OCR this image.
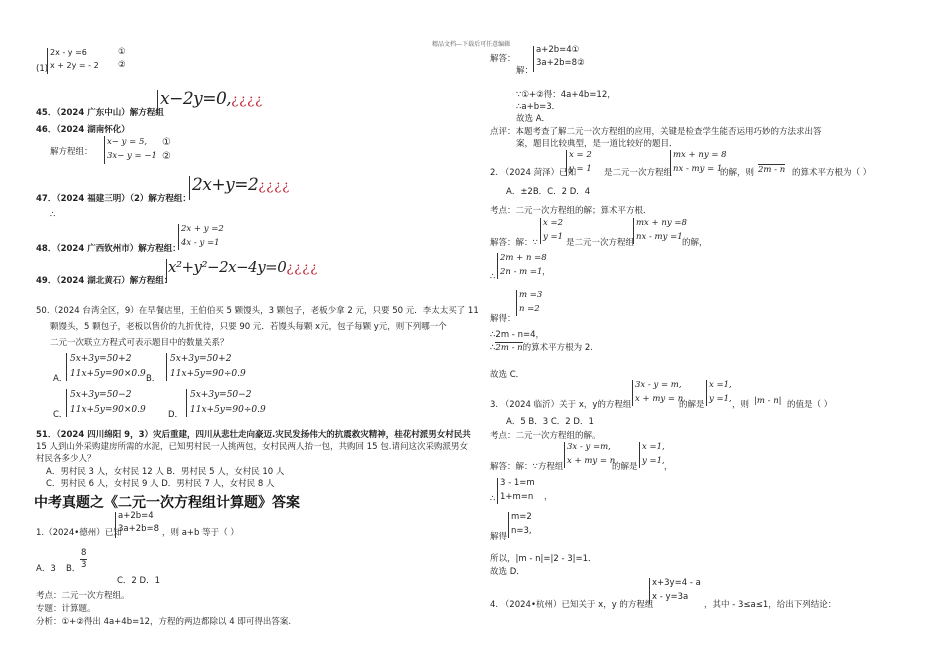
精品文档---下载后可任意编辑
(1)
2x - y =6
x + 2y = - 2
①
②
45．（2024 广东中山）解方程组
x−2y=0,¿¿¿¿
46．（2024 湖南怀化）
解方程组：
x− y = 5,
3x− y = −1
①
②
47．（2024 福建三明）（2）解方程组：
2x+y=2¿¿¿¿
∴
48．（2024 广西钦州市）解方程组：
2x + y =2
4x - y =1
49．（2024 湖北黄石）解方程组：
x²+y²−2x−4y=0¿¿¿¿
50.（2024 台湾全区，9）在早餐店里，王伯伯买 5 颗馒头，3 颗包子，老板少拿 2 元，只要 50 元．李太太买了 11
颗馒头，5 颗包子，老板以售价的九折优待，只要 90 元．若馒头每颗 x元，包子每颗 y元，则下列哪一个
二元一次联立方程式可表示题目中的数量关系？
A．
5x+3y=50+2
11x+5y=90×0.9 B．
5x+3y=50+2
11x+5y=90÷0.9
C．
5x+3y=50−2
11x+5y=90×0.9	D．
5x+3y=50−2
11x+5y=90÷0.9
51．（2024 四川绵阳 9，3）灾后重建，四川从悲壮走向豪迈.灾民发扬伟大的抗震救灾精神，桂花村派男女村民共
15 人到山外采购建房所需的水泥，已知男村民一人挑两包，女村民两人抬一包，共购回 15 包.请问这次采购派男女
村民各多少人？
A．男村民 3 人，女村民 12 人 B．男村民 5 人，女村民 10 人
C．男村民 6 人，女村民 9 人 D．男村民 7 人，女村民 8 人
中考真题之《二元一次方程组计算题》答案
1.（2024•德州）已知
a+2b=4
3a+2b=8 ，则 a+b 等于（ ）
A．3 B． $\frac{8}{3}$
C．2 D．1
考点：二元一次方程组。
专题：计算题。
分析：①+②得出 4a+4b=12，方程的两边都除以 4 即可得出答案.
解答：
a+2b=4①
3a+2b=8②
解：
∵①+②得：4a+4b=12，
∴a+b=3．
故选 A．
点评：本题考查了解二元一次方程组的应用，关键是检查学生能否运用巧妙的方法求出答
案，题目比较典型，是一道比较好的题目．
2. （2024 菏泽）已知
x = 2
y = 1 是二元一次方程组
mx + ny = 8
nx - my = 1
的解，则 2m - n 的算术平方根为（ ）
A．±2B．C．2 D．4
考点：二元一次方程组的解；算术平方根．
解答：解：∵
x =2
y =1
是二元一次方程组
mx + ny =8
nx - my =1
的解，
2m + n =8
2n - m =1 ，
∴
解得：
m =3
n =2
∴2m - n=4，
∴2m - n的算术平方根为 2.
故选 C．
3. （2024 临沂）关于 x，y的方程组
3x - y = m,
x + my = n
的解是
x =1,
y =1,
，则 |m - n| 的值是（ ）
A．5 B．3 C．2 D．1
考点：二元一次方程组的解。
解答：解：∵方程组
3x - y =m,
x + my = n
的解是
x =1,
y =1,
，
3 - 1=m
1+m=n ，
∴
解得
m=2
n=3,
所以，|m - n|=|2 - 3|=1．
故选 D．
4. （2024•杭州）已知关于 x，y 的方程组
x+3y=4 - a
x - y=3a
，其中 - 3≤a≤1，给出下列结论：
